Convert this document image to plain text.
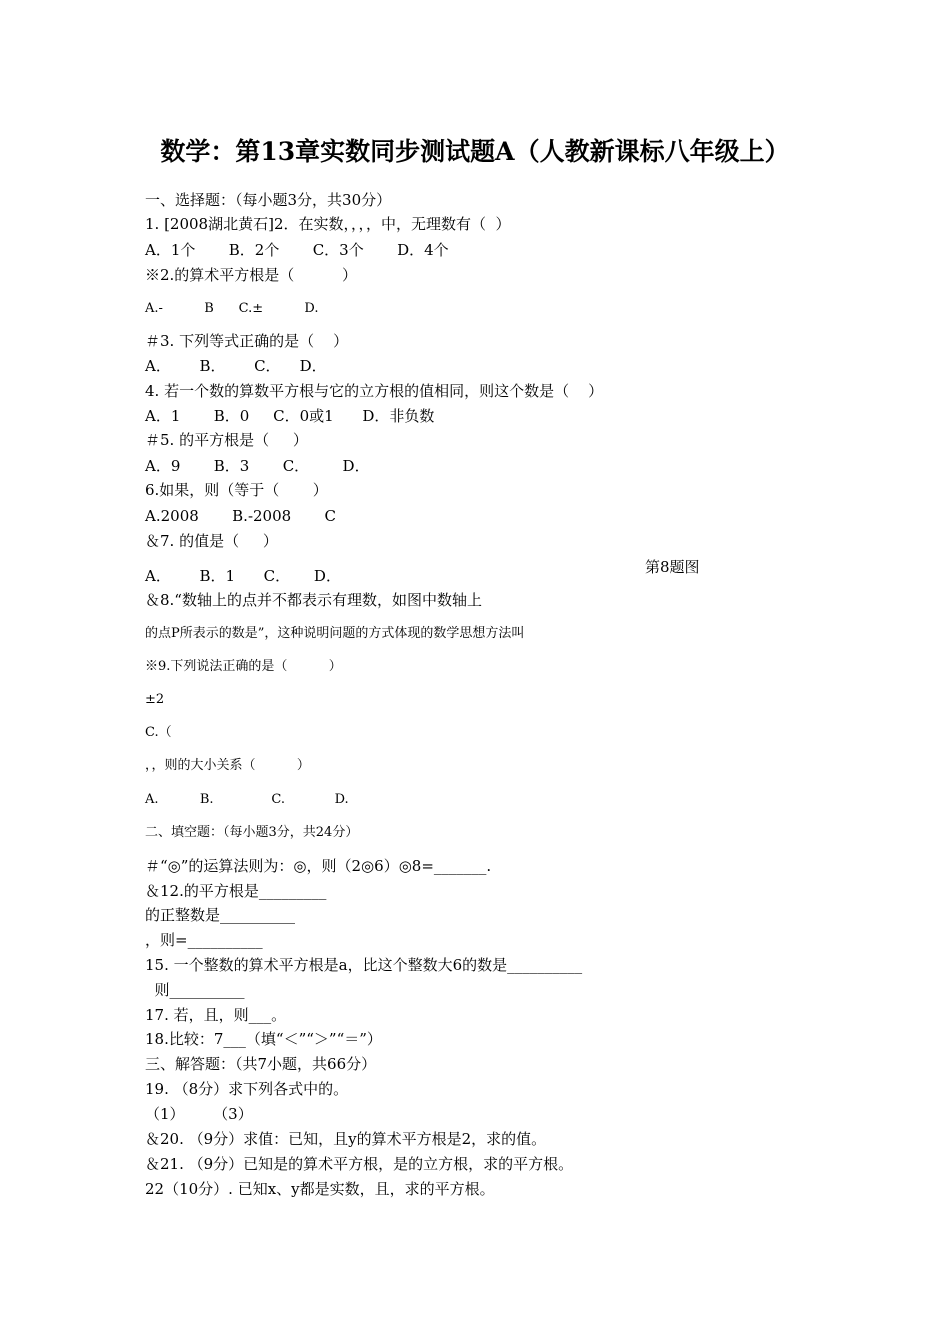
数学：第13章实数同步测试题A（人教新课标八年级上）
一、选择题：（每小题3分，共30分）
1. [2008湖北黄石]2．在实数，，，，中，无理数有（  ）
A．1个       B．2个       C．3个       D．4个
※2.的算术平方根是（          ）
A.-          B      C.±          D.
＃3. 下列等式正确的是（    ）
A．      B．      C．    D．
4. 若一个数的算数平方根与它的立方根的值相同，则这个数是（    ）
A．1       B．0     C．0或1      D．非负数
＃5. 的平方根是（     ）
A．9       B．3       C．       D．
6.如果，则（等于（       ）
A.2008       B.-2008       C
＆7. 的值是（     ）
A．      B．1      C．     D．	第8题图
＆8.“数轴上的点并不都表示有理数，如图中数轴上
的点P所表示的数是”，这种说明问题的方式体现的数学思想方法叫
※9.下列说法正确的是（          ）
±2
C.（
，，则的大小关系（          ）
A.          B.              C.            D.
二、填空题：（每小题3分，共24分）
＃“◎”的运算法则为：◎，则（2◎6）◎8=_______.
＆12.的平方根是_________
的正整数是__________
，则=__________
15. 一个整数的算术平方根是a，比这个整数大6的数是__________
则__________
17. 若，且，则___。
18.比较：7___（填“＜”“＞”“＝”）
三、解答题：（共7小题，共66分）
19. （8分）求下列各式中的。
（1）      （3）
＆20. （9分）求值：已知，且y的算术平方根是2，求的值。
＆21. （9分）已知是的算术平方根，是的立方根，求的平方根。
22（10分）. 已知x、y都是实数，且，求的平方根。
